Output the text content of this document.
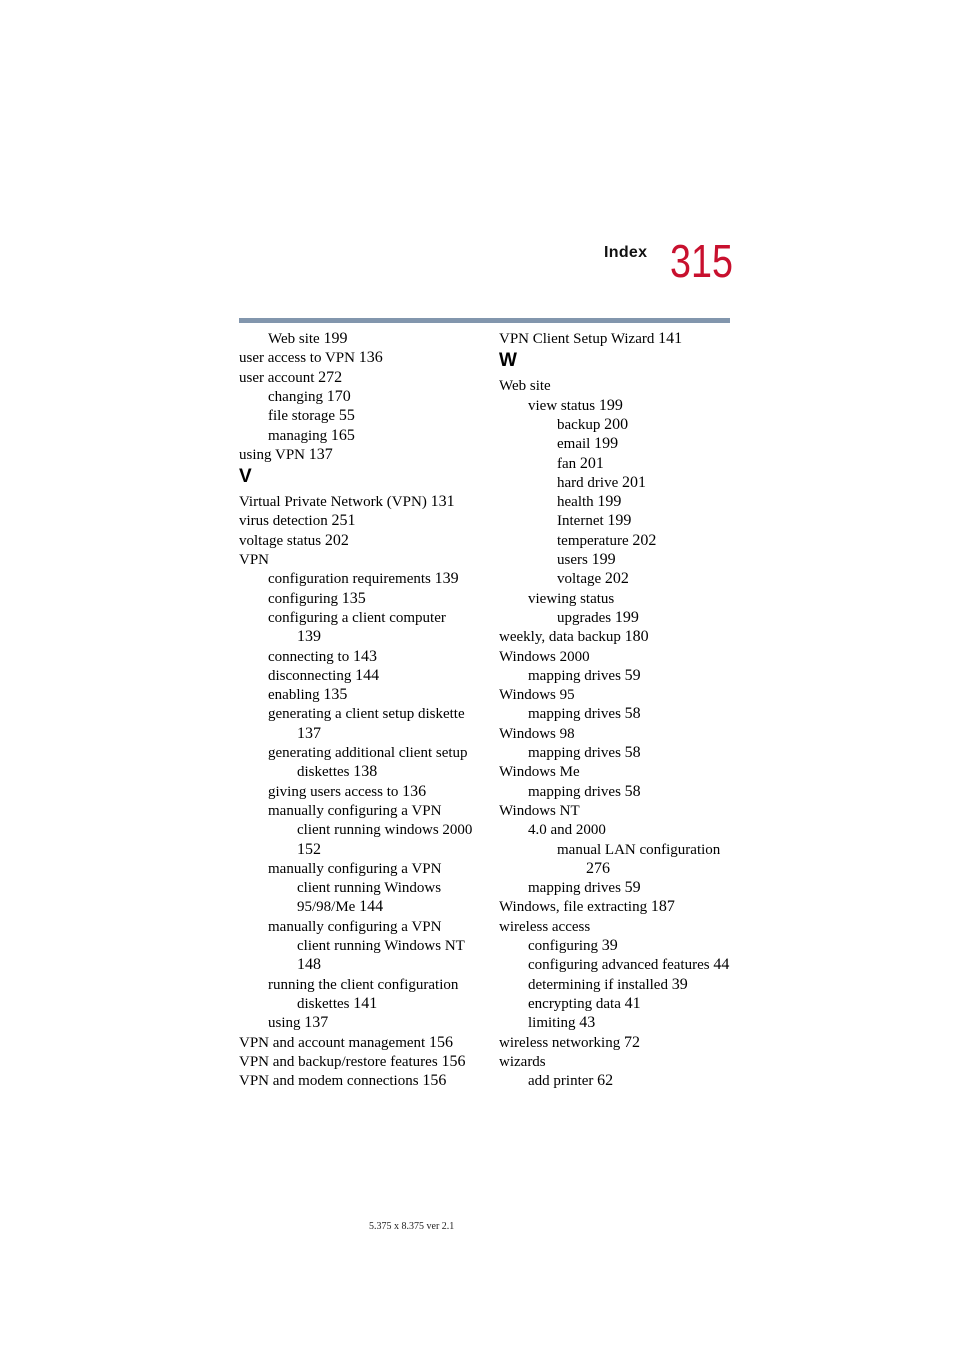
Index 315
Web site 199
user access to VPN 136
user account 272
changing 170
file storage 55
managing 165
using VPN 137
V
Virtual Private Network (VPN) 131
virus detection 251
voltage status 202
VPN
configuration requirements 139
configuring 135
configuring a client computer
139
connecting to 143
disconnecting 144
enabling 135
generating a client setup diskette
137
generating additional client setup
diskettes 138
giving users access to 136
manually configuring a VPN
client running windows 2000
152
manually configuring a VPN
client running Windows
95/98/Me 144
manually configuring a VPN
client running Windows NT
148
running the client configuration
diskettes 141
using 137
VPN and account management 156
VPN and backup/restore features 156
VPN and modem connections 156
VPN Client Setup Wizard 141
W
Web site
view status 199
backup 200
email 199
fan 201
hard drive 201
health 199
Internet 199
temperature 202
users 199
voltage 202
viewing status
upgrades 199
weekly, data backup 180
Windows 2000
mapping drives 59
Windows 95
mapping drives 58
Windows 98
mapping drives 58
Windows Me
mapping drives 58
Windows NT
4.0 and 2000
manual LAN configuration
276
mapping drives 59
Windows, file extracting 187
wireless access
configuring 39
configuring advanced features 44
determining if installed 39
encrypting data 41
limiting 43
wireless networking 72
wizards
add printer 62
5.375 x 8.375 ver 2.1
